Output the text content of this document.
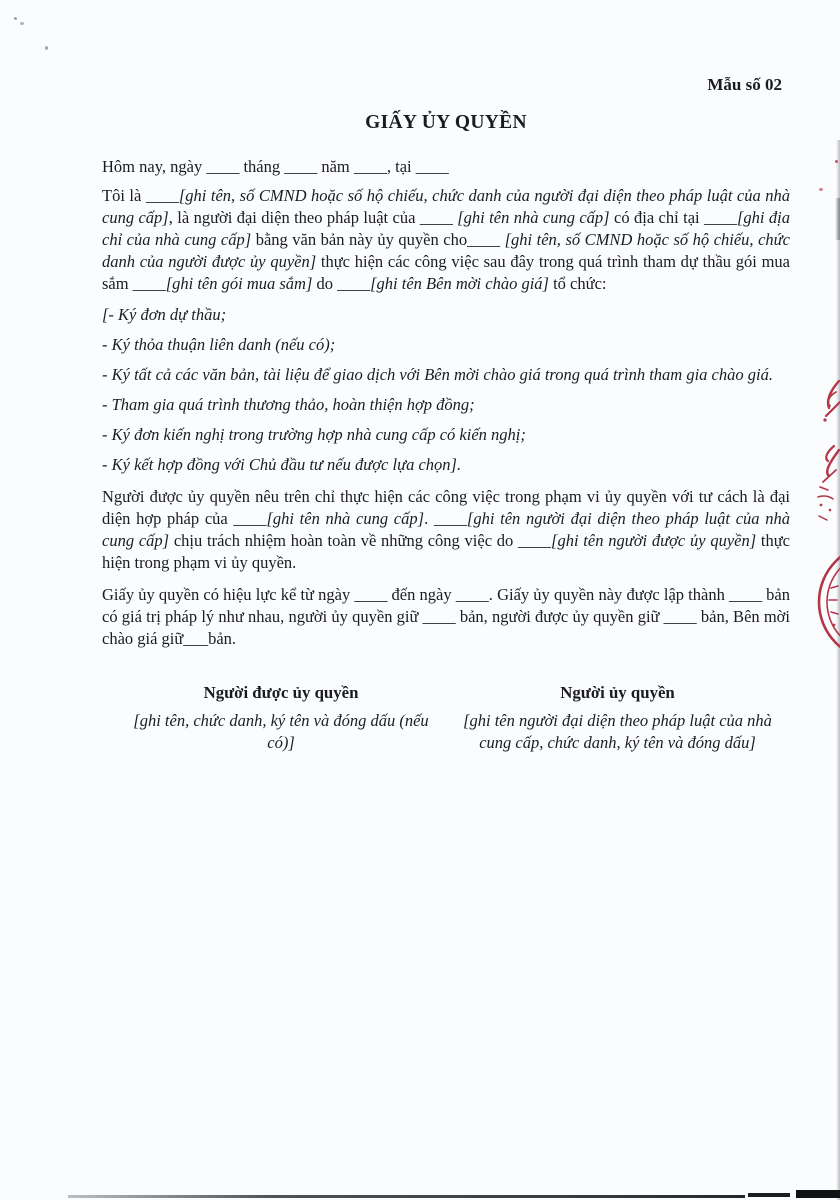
Mẫu số 02
GIẤY ỦY QUYỀN
Hôm nay, ngày ____ tháng ____ năm ____, tại ____

Tôi là ____[ghi tên, số CMND hoặc số hộ chiếu, chức danh của người đại diện theo pháp luật của nhà cung cấp], là người đại diện theo pháp luật của ____ [ghi tên nhà cung cấp] có địa chỉ tại ____[ghi địa chỉ của nhà cung cấp] bằng văn bản này ủy quyền cho____ [ghi tên, số CMND hoặc số hộ chiếu, chức danh của người được ủy quyền] thực hiện các công việc sau đây trong quá trình tham dự thầu gói mua sắm ____[ghi tên gói mua sắm] do ____[ghi tên Bên mời chào giá] tổ chức:

[- Ký đơn dự thầu;
- Ký thỏa thuận liên danh (nếu có);
- Ký tất cả các văn bản, tài liệu để giao dịch với Bên mời chào giá trong quá trình tham gia chào giá.
- Tham gia quá trình thương thảo, hoàn thiện hợp đồng;
- Ký đơn kiến nghị trong trường hợp nhà cung cấp có kiến nghị;
- Ký kết hợp đồng với Chủ đầu tư nếu được lựa chọn].

Người được ủy quyền nêu trên chỉ thực hiện các công việc trong phạm vi ủy quyền với tư cách là đại diện hợp pháp của ____[ghi tên nhà cung cấp]. ____[ghi tên người đại diện theo pháp luật của nhà cung cấp] chịu trách nhiệm hoàn toàn về những công việc do ____[ghi tên người được ủy quyền] thực hiện trong phạm vi ủy quyền.

Giấy ủy quyền có hiệu lực kể từ ngày ____ đến ngày ____. Giấy ủy quyền này được lập thành ____ bản có giá trị pháp lý như nhau, người ủy quyền giữ ____ bản, người được ủy quyền giữ ____ bản, Bên mời chào giá giữ___bản.

Người được ủy quyền
[ghi tên, chức danh, ký tên và đóng dấu (nếu có)]
Người ủy quyền
[ghi tên người đại diện theo pháp luật của nhà cung cấp, chức danh, ký tên và đóng dấu]
